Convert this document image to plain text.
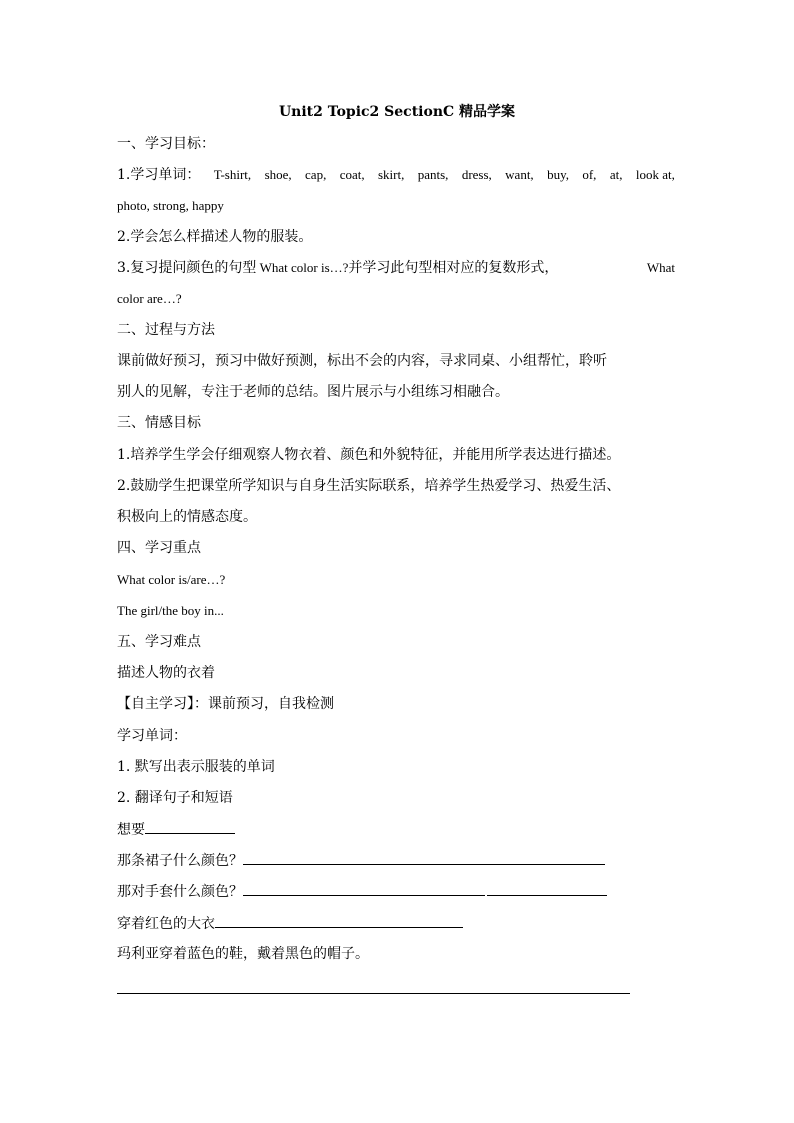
Unit2 Topic2 SectionC 精品学案
一、学习目标：
1.学习单词： T-shirt, shoe, cap, coat, skirt, pants, dress, want, buy, of, at, look at,
photo, strong, happy
2.学会怎么样描述人物的服装。
3.复习提问颜色的句型 What color is…?并学习此句型相对应的复数形式，	What
color are…?
二、过程与方法
课前做好预习，预习中做好预测，标出不会的内容，寻求同桌、小组帮忙，聆听
别人的见解，专注于老师的总结。图片展示与小组练习相融合。
三、情感目标
1.培养学生学会仔细观察人物衣着、颜色和外貌特征，并能用所学表达进行描述。
2.鼓励学生把课堂所学知识与自身生活实际联系，培养学生热爱学习、热爱生活、
积极向上的情感态度。
四、学习重点
What color is/are…?
The girl/the boy in...
五、学习难点
描述人物的衣着
【自主学习】：课前预习，自我检测
学习单词：
1. 默写出表示服装的单词
2. 翻译句子和短语
想要
那条裙子什么颜色？
那对手套什么颜色？
穿着红色的大衣
玛利亚穿着蓝色的鞋，戴着黑色的帽子。
